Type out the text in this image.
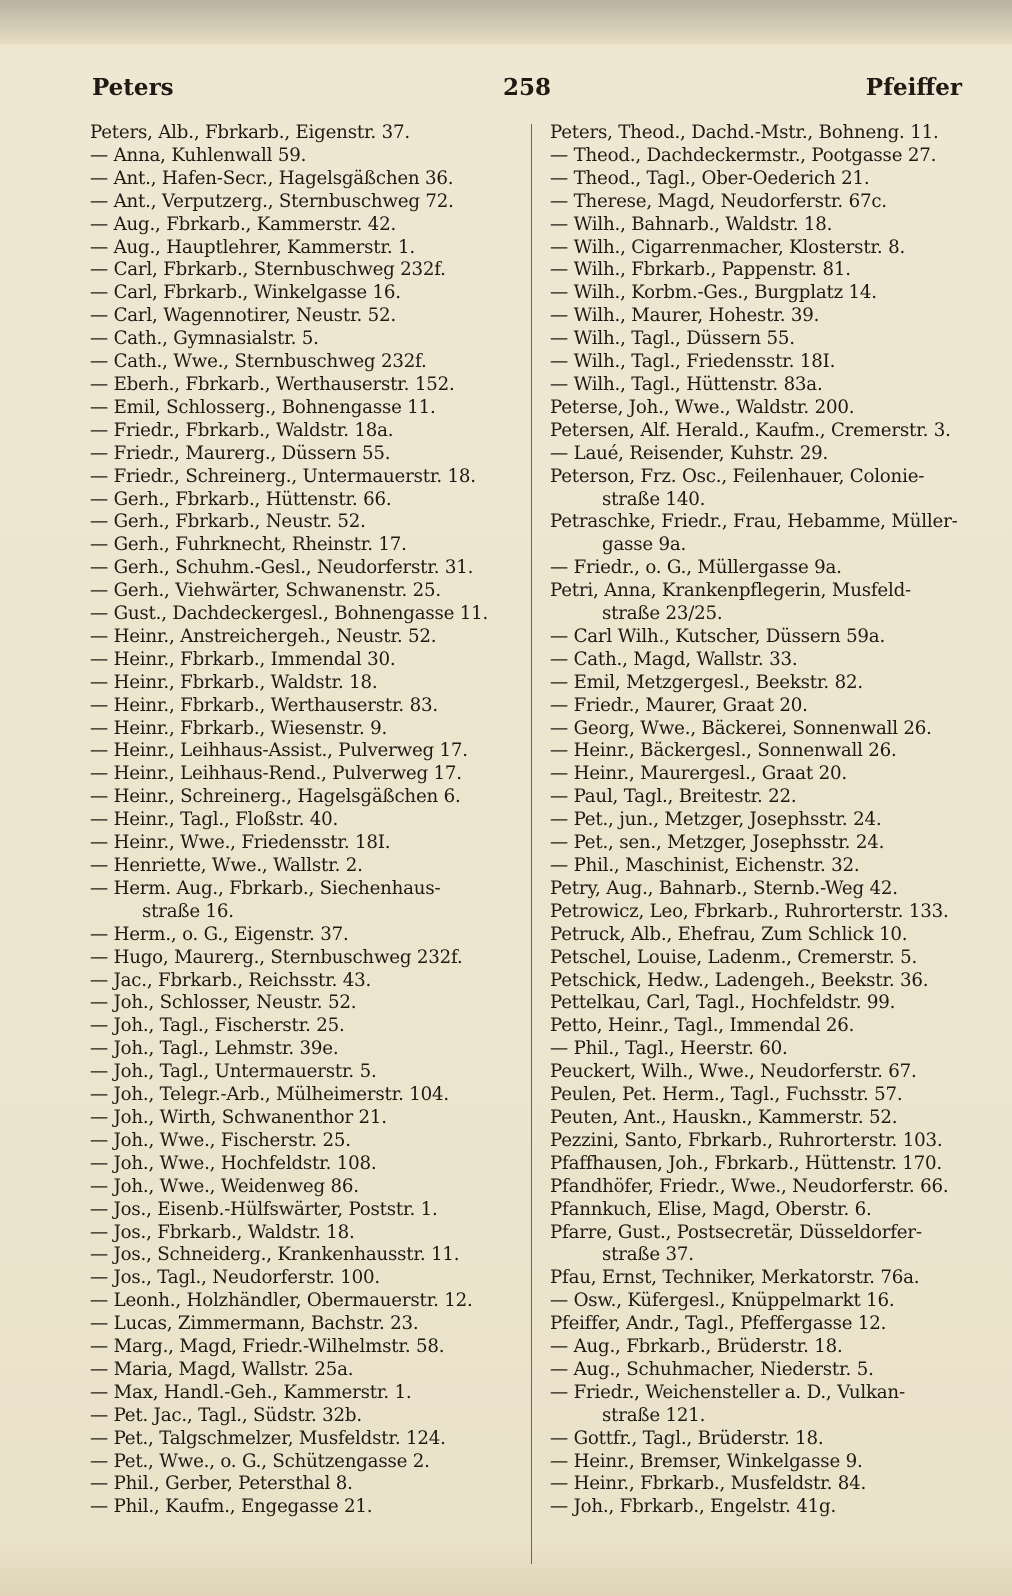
Peters	258	Pfeiffer
Peters, Alb., Fbrkarb., Eigenstr. 37.
— Anna, Kuhlenwall 59.
— Ant., Hafen-Secr., Hagelsgäßchen 36.
— Ant., Verputzerg., Sternbuschweg 72.
— Aug., Fbrkarb., Kammerstr. 42.
— Aug., Hauptlehrer, Kammerstr. 1.
— Carl, Fbrkarb., Sternbuschweg 232f.
— Carl, Fbrkarb., Winkelgasse 16.
— Carl, Wagennotirer, Neustr. 52.
— Cath., Gymnasialstr. 5.
— Cath., Wwe., Sternbuschweg 232f.
— Eberh., Fbrkarb., Werthauserstr. 152.
— Emil, Schlosserg., Bohnengasse 11.
— Friedr., Fbrkarb., Waldstr. 18a.
— Friedr., Maurerg., Düssern 55.
— Friedr., Schreinerg., Untermauerstr. 18.
— Gerh., Fbrkarb., Hüttenstr. 66.
— Gerh., Fbrkarb., Neustr. 52.
— Gerh., Fuhrknecht, Rheinstr. 17.
— Gerh., Schuhm.-Gesl., Neudorferstr. 31.
— Gerh., Viehwärter, Schwanenstr. 25.
— Gust., Dachdeckergesl., Bohnengasse 11.
— Heinr., Anstreichergeh., Neustr. 52.
— Heinr., Fbrkarb., Immendal 30.
— Heinr., Fbrkarb., Waldstr. 18.
— Heinr., Fbrkarb., Werthauserstr. 83.
— Heinr., Fbrkarb., Wiesenstr. 9.
— Heinr., Leihhaus-Assist., Pulverweg 17.
— Heinr., Leihhaus-Rend., Pulverweg 17.
— Heinr., Schreinerg., Hagelsgäßchen 6.
— Heinr., Tagl., Floßstr. 40.
— Heinr., Wwe., Friedensstr. 18I.
— Henriette, Wwe., Wallstr. 2.
— Herm. Aug., Fbrkarb., Siechenhaus-
straße 16.
— Herm., o. G., Eigenstr. 37.
— Hugo, Maurerg., Sternbuschweg 232f.
— Jac., Fbrkarb., Reichsstr. 43.
— Joh., Schlosser, Neustr. 52.
— Joh., Tagl., Fischerstr. 25.
— Joh., Tagl., Lehmstr. 39e.
— Joh., Tagl., Untermauerstr. 5.
— Joh., Telegr.-Arb., Mülheimerstr. 104.
— Joh., Wirth, Schwanenthor 21.
— Joh., Wwe., Fischerstr. 25.
— Joh., Wwe., Hochfeldstr. 108.
— Joh., Wwe., Weidenweg 86.
— Jos., Eisenb.-Hülfswärter, Poststr. 1.
— Jos., Fbrkarb., Waldstr. 18.
— Jos., Schneiderg., Krankenhausstr. 11.
— Jos., Tagl., Neudorferstr. 100.
— Leonh., Holzhändler, Obermauerstr. 12.
— Lucas, Zimmermann, Bachstr. 23.
— Marg., Magd, Friedr.-Wilhelmstr. 58.
— Maria, Magd, Wallstr. 25a.
— Max, Handl.-Geh., Kammerstr. 1.
— Pet. Jac., Tagl., Südstr. 32b.
— Pet., Talgschmelzer, Musfeldstr. 124.
— Pet., Wwe., o. G., Schützengasse 2.
— Phil., Gerber, Petersthal 8.
— Phil., Kaufm., Engegasse 21.
Peters, Theod., Dachd.-Mstr., Bohneng. 11.
— Theod., Dachdeckermstr., Pootgasse 27.
— Theod., Tagl., Ober-Oederich 21.
— Therese, Magd, Neudorferstr. 67c.
— Wilh., Bahnarb., Waldstr. 18.
— Wilh., Cigarrenmacher, Klosterstr. 8.
— Wilh., Fbrkarb., Pappenstr. 81.
— Wilh., Korbm.-Ges., Burgplatz 14.
— Wilh., Maurer, Hohestr. 39.
— Wilh., Tagl., Düssern 55.
— Wilh., Tagl., Friedensstr. 18I.
— Wilh., Tagl., Hüttenstr. 83a.
Peterse, Joh., Wwe., Waldstr. 200.
Petersen, Alf. Herald., Kaufm., Cremerstr. 3.
— Laué, Reisender, Kuhstr. 29.
Peterson, Frz. Osc., Feilenhauer, Colonie-
straße 140.
Petraschke, Friedr., Frau, Hebamme, Müller-
gasse 9a.
— Friedr., o. G., Müllergasse 9a.
Petri, Anna, Krankenpflegerin, Musfeld-
straße 23/25.
— Carl Wilh., Kutscher, Düssern 59a.
— Cath., Magd, Wallstr. 33.
— Emil, Metzgergesl., Beekstr. 82.
— Friedr., Maurer, Graat 20.
— Georg, Wwe., Bäckerei, Sonnenwall 26.
— Heinr., Bäckergesl., Sonnenwall 26.
— Heinr., Maurergesl., Graat 20.
— Paul, Tagl., Breitestr. 22.
— Pet., jun., Metzger, Josephsstr. 24.
— Pet., sen., Metzger, Josephsstr. 24.
— Phil., Maschinist, Eichenstr. 32.
Petry, Aug., Bahnarb., Sternb.-Weg 42.
Petrowicz, Leo, Fbrkarb., Ruhrorterstr. 133.
Petruck, Alb., Ehefrau, Zum Schlick 10.
Petschel, Louise, Ladenm., Cremerstr. 5.
Petschick, Hedw., Ladengeh., Beekstr. 36.
Pettelkau, Carl, Tagl., Hochfeldstr. 99.
Petto, Heinr., Tagl., Immendal 26.
— Phil., Tagl., Heerstr. 60.
Peuckert, Wilh., Wwe., Neudorferstr. 67.
Peulen, Pet. Herm., Tagl., Fuchsstr. 57.
Peuten, Ant., Hauskn., Kammerstr. 52.
Pezzini, Santo, Fbrkarb., Ruhrorterstr. 103.
Pfaffhausen, Joh., Fbrkarb., Hüttenstr. 170.
Pfandhöfer, Friedr., Wwe., Neudorferstr. 66.
Pfannkuch, Elise, Magd, Oberstr. 6.
Pfarre, Gust., Postsecretär, Düsseldorfer-
straße 37.
Pfau, Ernst, Techniker, Merkatorstr. 76a.
— Osw., Küfergesl., Knüppelmarkt 16.
Pfeiffer, Andr., Tagl., Pfeffergasse 12.
— Aug., Fbrkarb., Brüderstr. 18.
— Aug., Schuhmacher, Niederstr. 5.
— Friedr., Weichensteller a. D., Vulkan-
straße 121.
— Gottfr., Tagl., Brüderstr. 18.
— Heinr., Bremser, Winkelgasse 9.
— Heinr., Fbrkarb., Musfeldstr. 84.
— Joh., Fbrkarb., Engelstr. 41g.
